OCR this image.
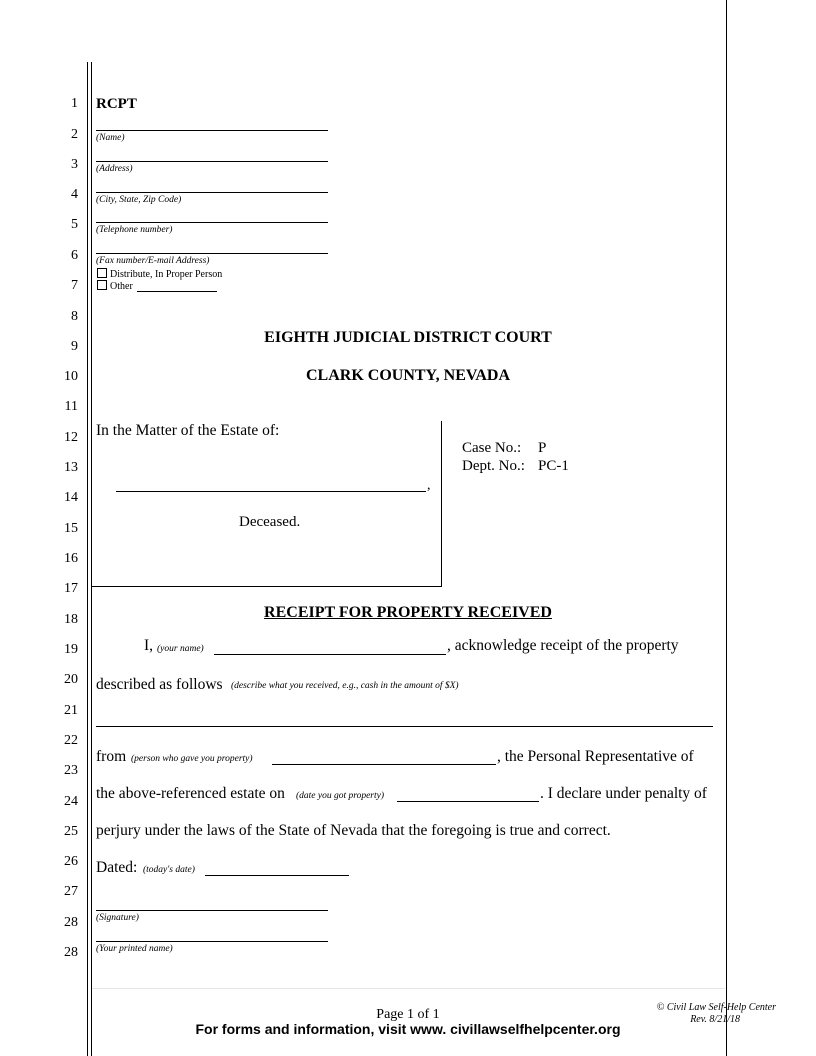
1
2
3
4
5
6
7
8
9
10
11
12
13
14
15
16
17
18
19
20
21
22
23
24
25
26
27
28
28
RCPT
(Name)
(Address)
(City, State, Zip Code)
(Telephone number)
(Fax number/E-mail Address)
Distribute, In Proper Person
Other
EIGHTH JUDICIAL DISTRICT COURT
CLARK COUNTY, NEVADA
In the Matter of the Estate of:
,
Deceased.
Case No.: P
Dept. No.: PC-1
RECEIPT FOR PROPERTY RECEIVED
I, (your name)	, acknowledge receipt of the property
described as follows (describe what you received, e.g., cash in the amount of $X)
from (person who gave you property)	, the Personal Representative of
the above-referenced estate on (date you got property)	. I declare under penalty of
perjury under the laws of the State of Nevada that the foregoing is true and correct.
Dated: (today's date)
(Signature)
(Your printed name)
Page 1 of 1
For forms and information, visit www. civillawselfhelpcenter.org
© Civil Law Self-Help Center
Rev. 8/21/18
